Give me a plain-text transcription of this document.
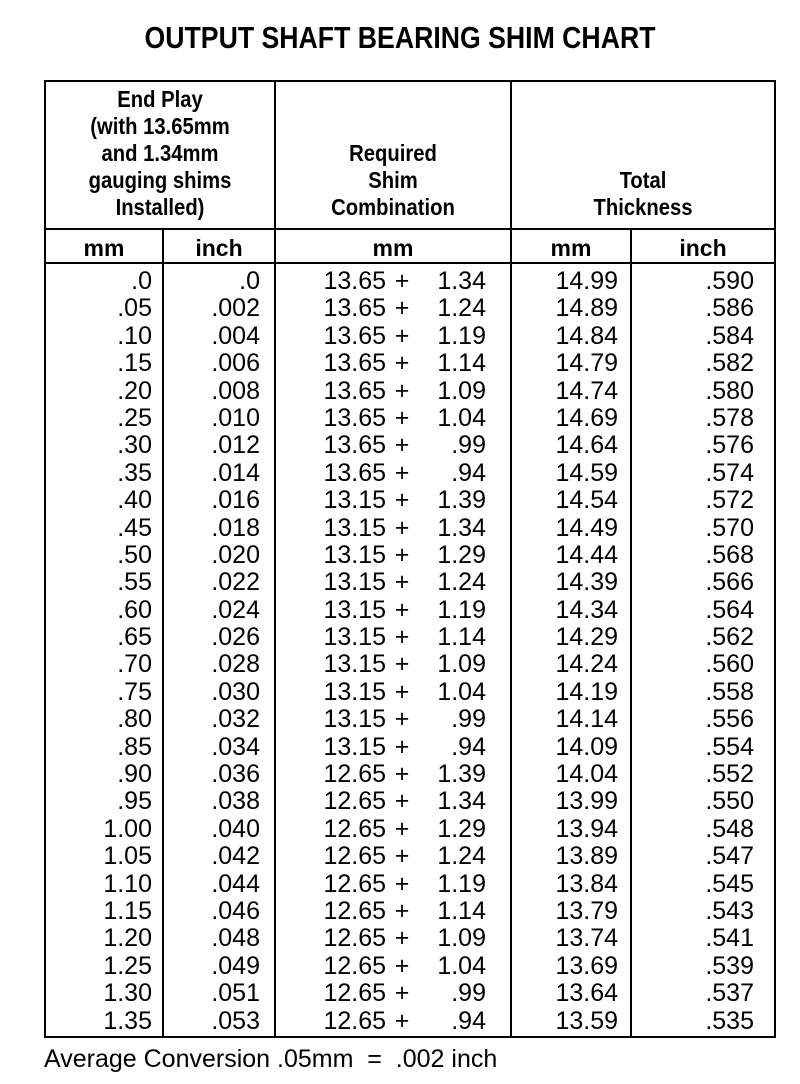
OUTPUT SHAFT BEARING SHIM CHART
End Play
(with 13.65mm
and 1.34mm
gauging shims
Installed)
Required
Shim
Combination
Total
Thickness
mm	inch	mm	mm	inch
.0	.0	13.65 +	1.34	14.99	.590
.05	.002	13.65 +	1.24	14.89	.586
.10	.004	13.65 +	1.19	14.84	.584
.15	.006	13.65 +	1.14	14.79	.582
.20	.008	13.65 +	1.09	14.74	.580
.25	.010	13.65 +	1.04	14.69	.578
.30	.012	13.65 +	.99	14.64	.576
.35	.014	13.65 +	.94	14.59	.574
.40	.016	13.15 +	1.39	14.54	.572
.45	.018	13.15 +	1.34	14.49	.570
.50	.020	13.15 +	1.29	14.44	.568
.55	.022	13.15 +	1.24	14.39	.566
.60	.024	13.15 +	1.19	14.34	.564
.65	.026	13.15 +	1.14	14.29	.562
.70	.028	13.15 +	1.09	14.24	.560
.75	.030	13.15 +	1.04	14.19	.558
.80	.032	13.15 +	.99	14.14	.556
.85	.034	13.15 +	.94	14.09	.554
.90	.036	12.65 +	1.39	14.04	.552
.95	.038	12.65 +	1.34	13.99	.550
1.00	.040	12.65 +	1.29	13.94	.548
1.05	.042	12.65 +	1.24	13.89	.547
1.10	.044	12.65 +	1.19	13.84	.545
1.15	.046	12.65 +	1.14	13.79	.543
1.20	.048	12.65 +	1.09	13.74	.541
1.25	.049	12.65 +	1.04	13.69	.539
1.30	.051	12.65 +	.99	13.64	.537
1.35	.053	12.65 +	.94	13.59	.535
Average Conversion .05mm  =  .002 inch
